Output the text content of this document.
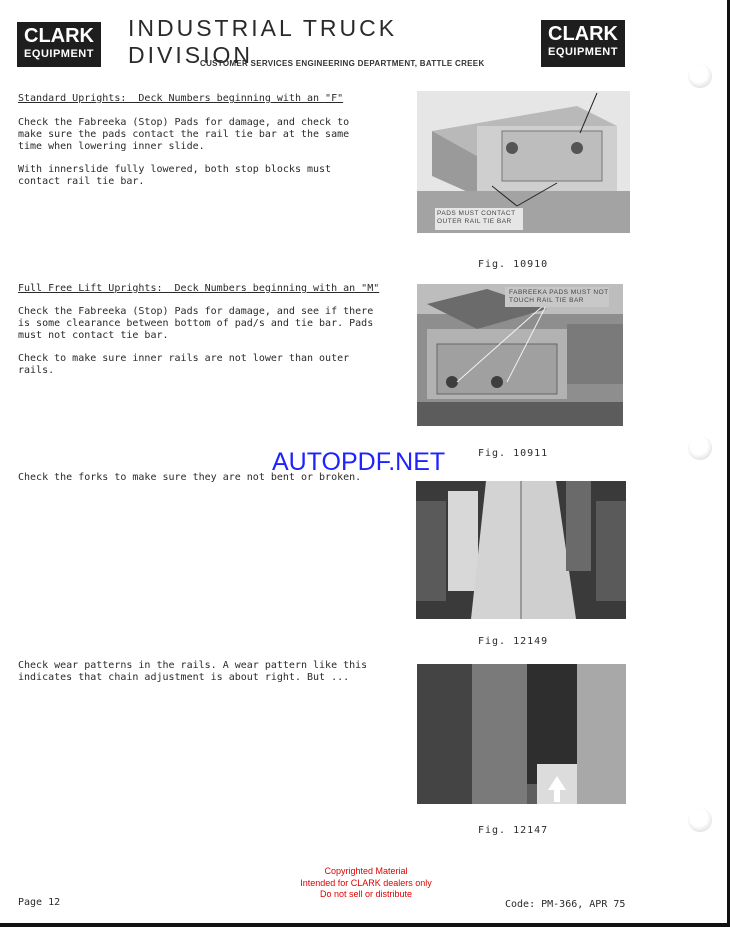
CLARK
EQUIPMENT
INDUSTRIAL TRUCK DIVISION
CUSTOMER SERVICES ENGINEERING DEPARTMENT, BATTLE CREEK
CLARK
EQUIPMENT
Standard Uprights:  Deck Numbers beginning with an "F"
Check the Fabreeka (Stop) Pads for damage, and check to make sure the pads contact the rail tie bar at the same time when lowering inner slide.
With innerslide fully lowered, both stop blocks must contact rail tie bar.
PADS MUST CONTACT
OUTER RAIL TIE BAR
Fig. 10910
Full Free Lift Uprights:  Deck Numbers beginning with an "M"
Check the Fabreeka (Stop) Pads for damage, and see if there is some clearance between bottom of pad/s and tie bar. Pads must not contact tie bar.
Check to make sure inner rails are not lower than outer rails.
FABREEKA PADS MUST NOT
TOUCH RAIL TIE BAR
Fig. 10911
Check the forks to make sure they are not bent or broken.
Fig. 12149
Check wear patterns in the rails. A wear pattern like this indicates that chain adjustment is about right. But ...
Fig. 12147
AUTOPDF.NET
Copyrighted Material
Intended for CLARK dealers only
Do not sell or distribute
Page 12	Code: PM-366, APR 75
